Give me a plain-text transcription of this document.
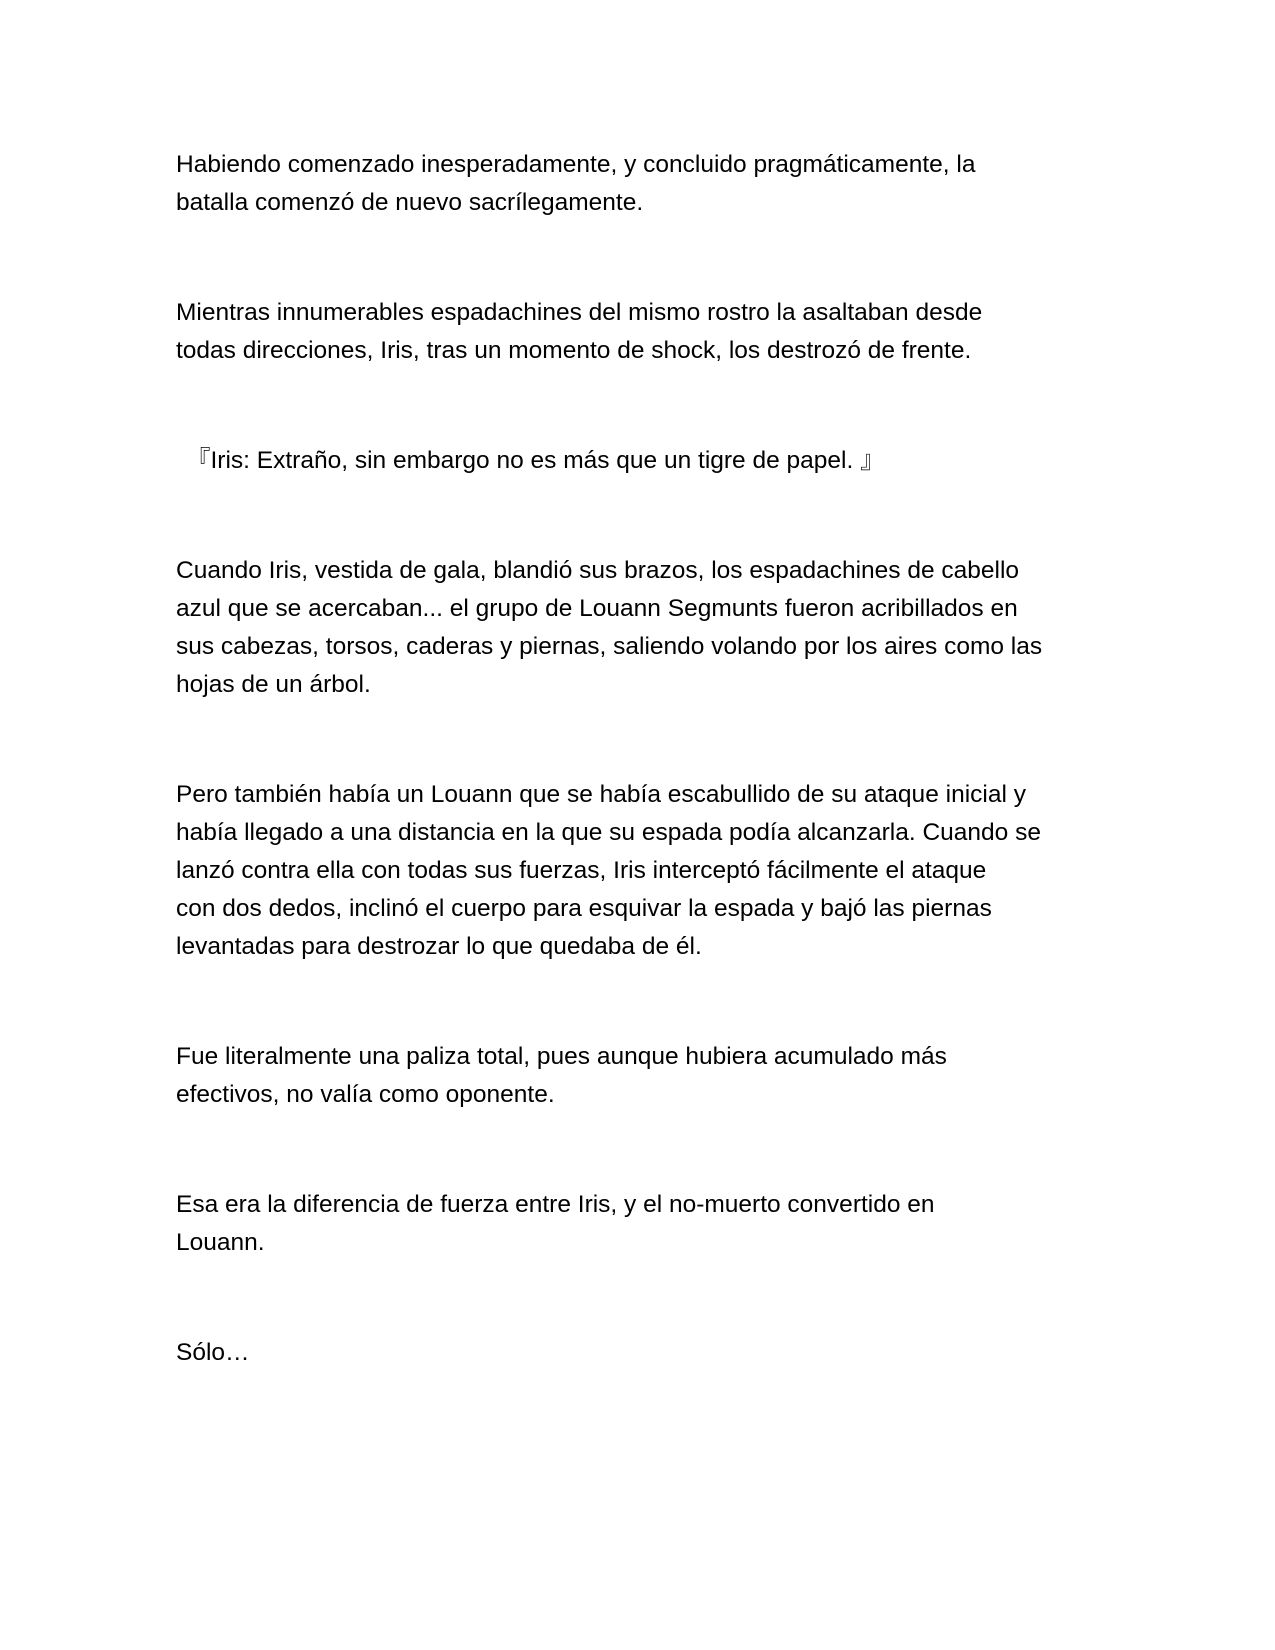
Habiendo comenzado inesperadamente, y concluido pragmáticamente, la
batalla comenzó de nuevo sacrílegamente.

Mientras innumerables espadachines del mismo rostro la asaltaban desde
todas direcciones, Iris, tras un momento de shock, los destrozó de frente.

『Iris: Extraño, sin embargo no es más que un tigre de papel. 』

Cuando Iris, vestida de gala, blandió sus brazos, los espadachines de cabello
azul que se acercaban... el grupo de Louann Segmunts fueron acribillados en
sus cabezas, torsos, caderas y piernas, saliendo volando por los aires como las
hojas de un árbol.

Pero también había un Louann que se había escabullido de su ataque inicial y
había llegado a una distancia en la que su espada podía alcanzarla. Cuando se
lanzó contra ella con todas sus fuerzas, Iris interceptó fácilmente el ataque
con dos dedos, inclinó el cuerpo para esquivar la espada y bajó las piernas
levantadas para destrozar lo que quedaba de él.

Fue literalmente una paliza total, pues aunque hubiera acumulado más
efectivos, no valía como oponente.

Esa era la diferencia de fuerza entre Iris, y el no-muerto convertido en
Louann.

Sólo…
